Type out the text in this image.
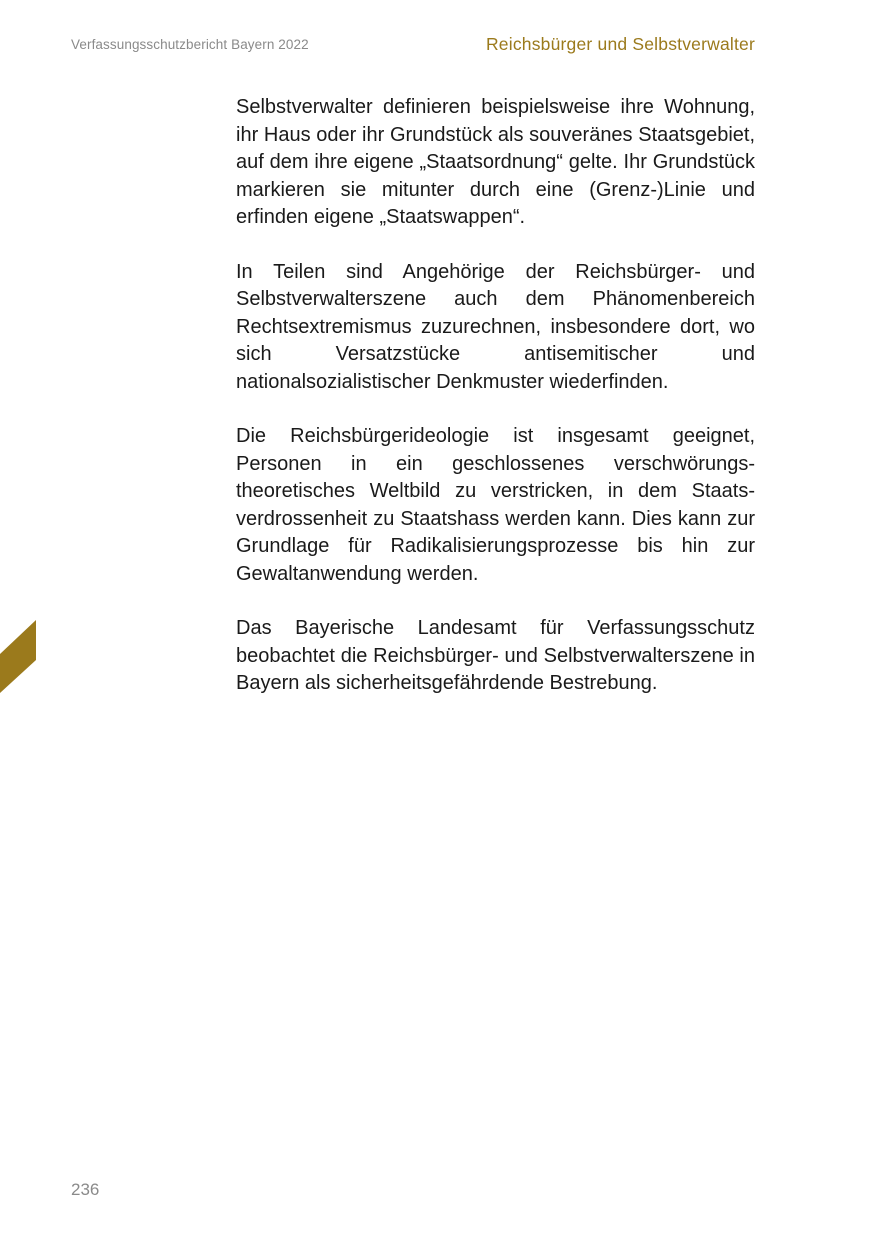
Verfassungsschutzbericht Bayern 2022	Reichsbürger und Selbstverwalter

Selbstverwalter definieren beispielsweise ihre Wohnung, ihr Haus oder ihr Grundstück als souveränes Staatsgebiet, auf dem ihre eigene „Staatsordnung“ gelte. Ihr Grundstück markieren sie mitunter durch eine (Grenz-)Linie und erfinden eigene „Staatswappen“.

In Teilen sind Angehörige der Reichsbürger- und Selbstverwalterszene auch dem Phänomenbereich Rechtsextremismus zuzurechnen, insbesondere dort, wo sich Versatzstücke antisemitischer und nationalsozialistischer Denkmuster wiederfinden.

Die Reichsbürgerideologie ist insgesamt geeignet, Personen in ein geschlossenes verschwörungstheoretisches Weltbild zu verstricken, in dem Staatsverdrossenheit zu Staatshass werden kann. Dies kann zur Grundlage für Radikalisierungsprozesse bis hin zur Gewaltanwendung werden.

Das Bayerische Landesamt für Verfassungsschutz beobachtet die Reichsbürger- und Selbstverwalterszene in Bayern als sicherheitsgefährdende Bestrebung.

236
